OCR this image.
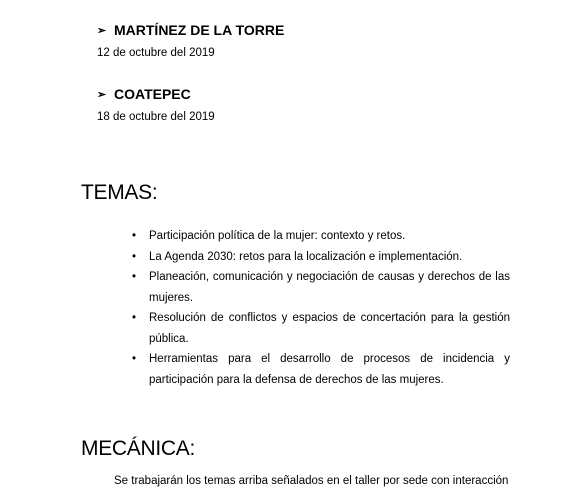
➢ MARTÍNEZ DE LA TORRE
12 de octubre del 2019
➢ COATEPEC
18 de octubre del 2019
TEMAS:
• Participación política de la mujer: contexto y retos.
• La Agenda 2030: retos para la localización e implementación.
• Planeación, comunicación y negociación de causas y derechos de las mujeres.
• Resolución de conflictos y espacios de concertación para la gestión pública.
• Herramientas para el desarrollo de procesos de incidencia y participación para la defensa de derechos de las mujeres.
MECÁNICA:
Se trabajarán los temas arriba señalados en el taller por sede con interacción
